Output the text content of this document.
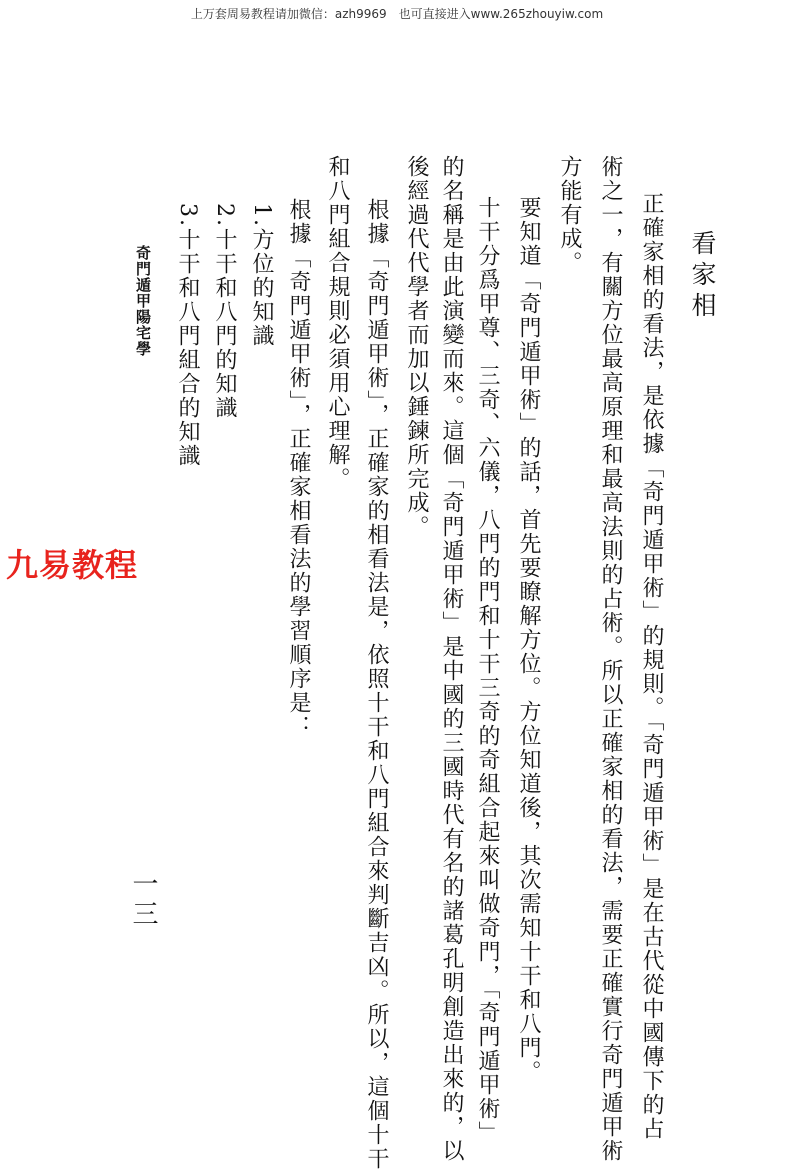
上万套周易教程请加微信：azh9969　也可直接进入www.265zhouyiw.com
看家相
正確家相的看法，是依據「奇門遁甲術」的規則。「奇門遁甲術」是在古代從中國傳下的占
術之一，有關方位最高原理和最高法則的占術。所以正確家相的看法，需要正確實行奇門遁甲術
方能有成。
要知道「奇門遁甲術」的話，首先要瞭解方位。方位知道後，其次需知十干和八門。
十干分爲甲尊、三奇、六儀，八門的門和十干三奇的奇組合起來叫做奇門，「奇門遁甲術」
的名稱是由此演變而來。這個「奇門遁甲術」是中國的三國時代有名的諸葛孔明創造出來的，以
後經過代代學者而加以錘鍊所完成。
根據「奇門遁甲術」，正確家的相看法是，依照十干和八門組合來判斷吉凶。所以，這個十干
和八門組合規則必須用心理解。
根據「奇門遁甲術」，正確家相看法的學習順序是：
1.方位的知識
2.十干和八門的知識
3.十干和八門組合的知識
奇門遁甲陽宅學
一三
九易教程
